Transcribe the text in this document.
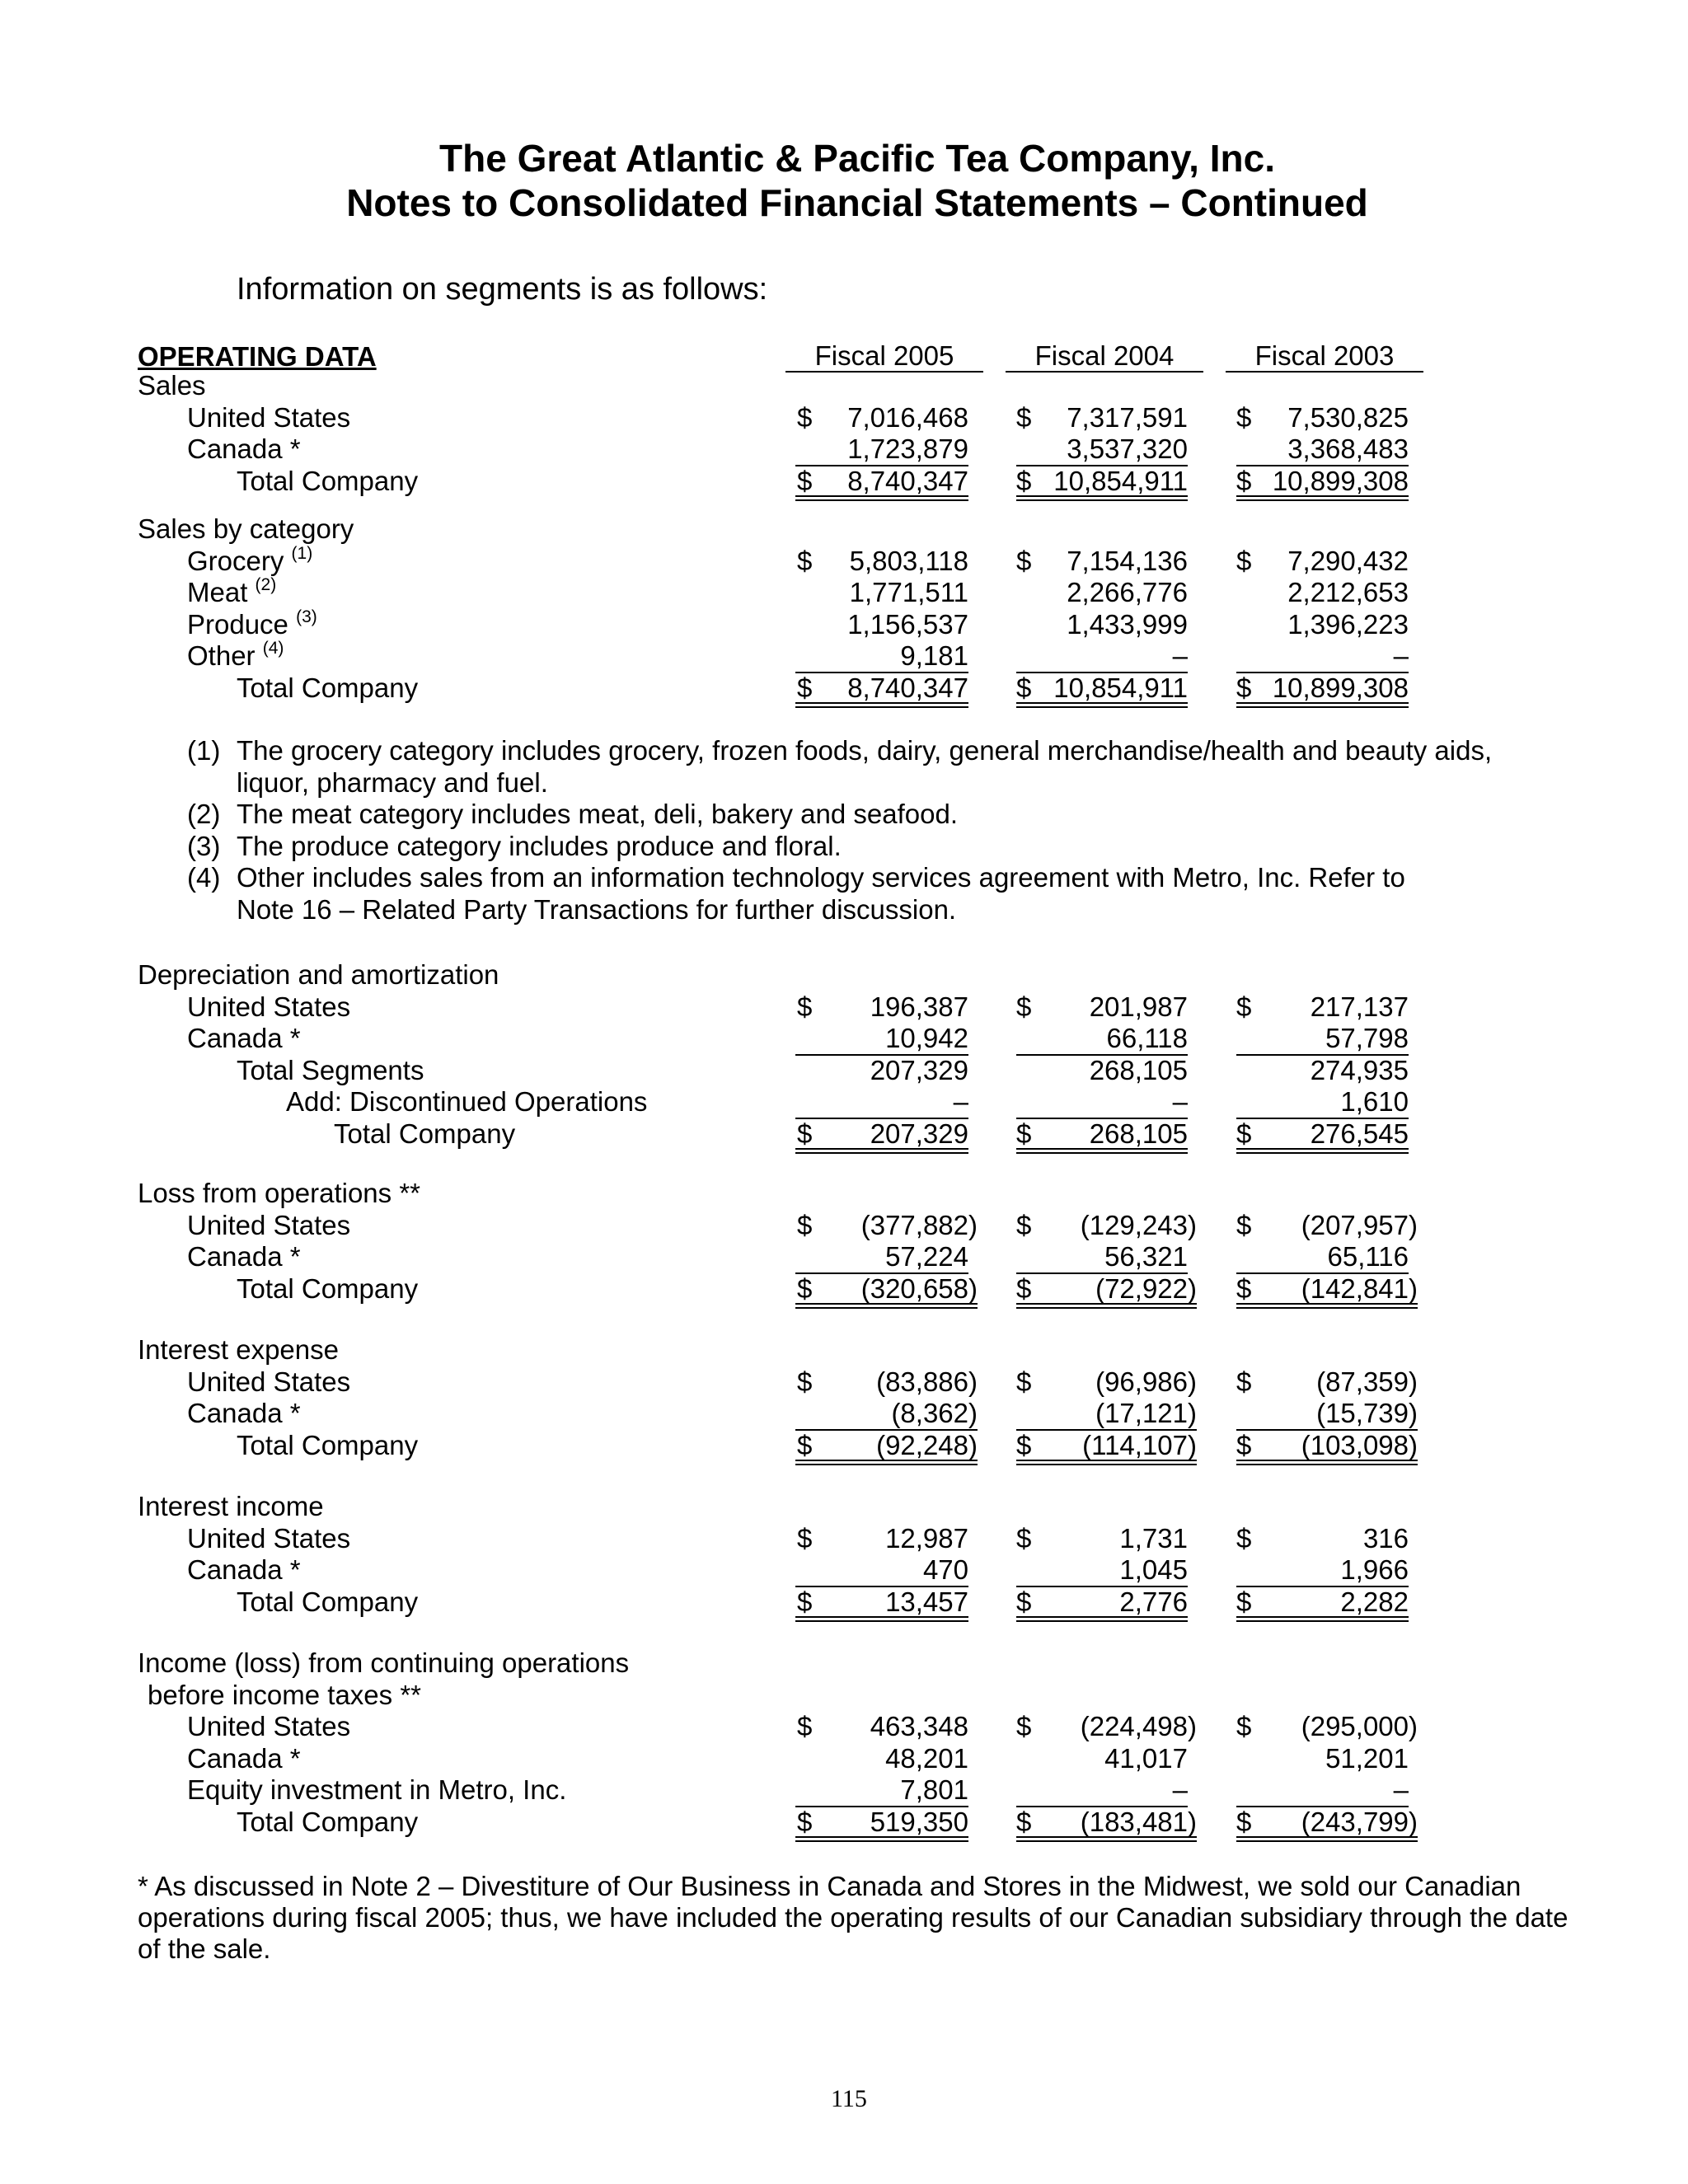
The Great Atlantic & Pacific Tea Company, Inc.
Notes to Consolidated Financial Statements – Continued
Information on segments is as follows:
OPERATING DATA	Fiscal 2005	Fiscal 2004	Fiscal 2003
Sales
United States	$	7,016,468 $	7,317,591 $	7,530,825
Canada *	1,723,879	3,537,320	3,368,483
Total Company	$	8,740,347 $ 10,854,911 $ 10,899,308
Sales by category
Grocery $^{(1)}$	$	5,803,118 $	7,154,136 $	7,290,432
Meat $^{(2)}$	1,771,511	2,266,776	2,212,653
Produce $^{(3)}$	1,156,537	1,433,999	1,396,223
Other $^{(4)}$	9,181	–	–
Total Company	$	8,740,347 $ 10,854,911 $ 10,899,308
Depreciation and amortization
United States	$	196,387 $	201,987 $	217,137
Canada *	10,942	66,118	57,798
Total Segments	207,329	268,105	274,935
Add: Discontinued Operations	–	–	1,610
Total Company	$	207,329 $	268,105 $	276,545
Loss from operations **
United States	$	(377,882) $	(129,243) $	(207,957)
Canada *	57,224	56,321	65,116
Total Company	$	(320,658) $	(72,922) $	(142,841)
Interest expense
United States	$	(83,886) $	(96,986) $	(87,359)
Canada *	(8,362)	(17,121)	(15,739)
Total Company	$	(92,248) $	(114,107) $	(103,098)
Interest income
United States	$	12,987 $	1,731 $	316
Canada *	470	1,045	1,966
Total Company	$	13,457 $	2,776 $	2,282
Income (loss) from continuing operations
before income taxes **
United States	$	463,348 $	(224,498) $	(295,000)
Canada *	48,201	41,017	51,201
Equity investment in Metro, Inc.	7,801	–	–
Total Company	$	519,350 $	(183,481) $	(243,799)
(1) The grocery category includes grocery, frozen foods, dairy, general merchandise/health and beauty aids,
liquor, pharmacy and fuel.
(2) The meat category includes meat, deli, bakery and seafood.
(3) The produce category includes produce and floral.
(4) Other includes sales from an information technology services agreement with Metro, Inc. Refer to
Note 16 – Related Party Transactions for further discussion.
* As discussed in Note 2 – Divestiture of Our Business in Canada and Stores in the Midwest, we sold our Canadian operations during fiscal 2005; thus, we have included the operating results of our Canadian subsidiary through the date of the sale.
115
